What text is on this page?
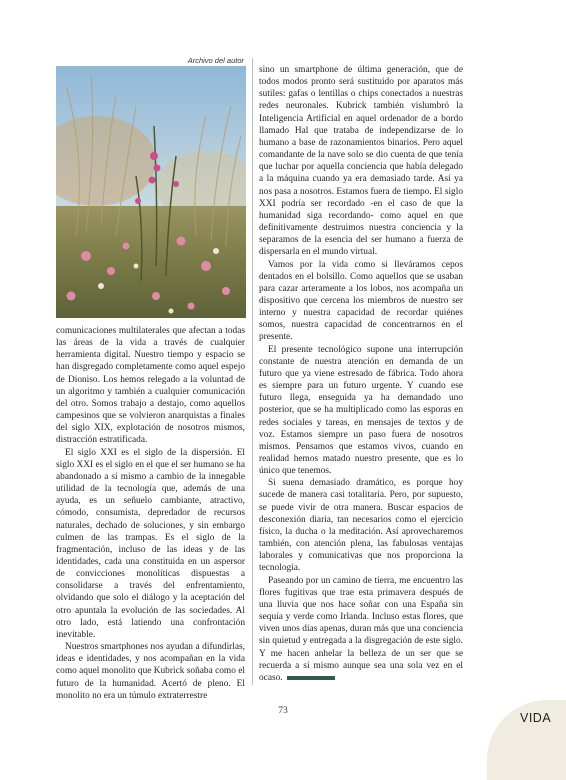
Archivo del autor

comunicaciones multilaterales que afectan a todas las áreas de la vida a través de cualquier herramienta digital. Nuestro tiempo y espacio se han disgregado completamente como aquel espejo de Dioniso. Los hemos relegado a la voluntad de un algoritmo y también a cualquier comunicación del otro. Somos trabajo a destajo, como aquellos campesinos que se volvieron anarquistas a finales del siglo XIX, explotación de nosotros mismos, distracción estratificada.

El siglo XXI es el siglo de la dispersión. El siglo XXI es el siglo en el que el ser humano se ha abandonado a sí mismo a cambio de la innegable utilidad de la tecnología que, además de una ayuda, es un señuelo cambiante, atractivo, cómodo, consumista, depredador de recursos naturales, dechado de soluciones, y sin embargo culmen de las trampas. Es el siglo de la fragmentación, incluso de las ideas y de las identidades, cada una constituida en un aspersor de convicciones monolíticas dispuestas a consolidarse a través del enfrentamiento, olvidando que solo el diálogo y la aceptación del otro apuntala la evolución de las sociedades. Al otro lado, está latiendo una confrontación inevitable.

Nuestros smartphones nos ayudan a difundirlas, ideas e identidades, y nos acompañan en la vida como aquel monolito que Kubrick soñaba como el futuro de la humanidad. Acertó de pleno. El monolito no era un túmulo extraterrestre

sino un smartphone de última generación, que de todos modos pronto será sustituido por aparatos más sutiles: gafas o lentillas o chips conectados a nuestras redes neuronales. Kubrick también vislumbró la Inteligencia Artificial en aquel ordenador de a bordo llamado Hal que trataba de independizarse de lo humano a base de razonamientos binarios. Pero aquel comandante de la nave solo se dio cuenta de que tenía que luchar por aquella conciencia que había delegado a la máquina cuando ya era demasiado tarde. Así ya nos pasa a nosotros. Estamos fuera de tiempo. El siglo XXI podría ser recordado -en el caso de que la humanidad siga recordando- como aquel en que definitivamente destruimos nuestra conciencia y la separamos de la esencia del ser humano a fuerza de dispersarla en el mundo virtual.

Vamos por la vida como si lleváramos cepos dentados en el bolsillo. Como aquellos que se usaban para cazar arteramente a los lobos, nos acompaña un dispositivo que cercena los miembros de nuestro ser interno y nuestra capacidad de recordar quiénes somos, nuestra capacidad de concentrarnos en el presente.

El presente tecnológico supone una interrupción constante de nuestra atención en demanda de un futuro que ya viene estresado de fábrica. Todo ahora es siempre para un futuro urgente. Y cuando ese futuro llega, enseguida ya ha demandado uno posterior, que se ha multiplicado como las esporas en redes sociales y tareas, en mensajes de textos y de voz. Estamos siempre un paso fuera de nosotros mismos. Pensamos que estamos vivos, cuando en realidad hemos matado nuestro presente, que es lo único que tenemos.

Si suena demasiado dramático, es porque hoy sucede de manera casi totalitaria. Pero, por supuesto, se puede vivir de otra manera. Buscar espacios de desconexión diaria, tan necesarios como el ejercicio físico, la ducha o la meditación. Así aprovecharemos también, con atención plena, las fabulosas ventajas laborales y comunicativas que nos proporciona la tecnología.

Paseando por un camino de tierra, me encuentro las flores fugitivas que trae esta primavera después de una lluvia que nos hace soñar con una España sin sequía y verde como Irlanda. Incluso estas flores, que viven unos días apenas, duran más que una conciencia sin quietud y entregada a la disgregación de este siglo. Y me hacen anhelar la belleza de un ser que se recuerda a sí mismo aunque sea una sola vez en el ocaso.

73	VIDA
